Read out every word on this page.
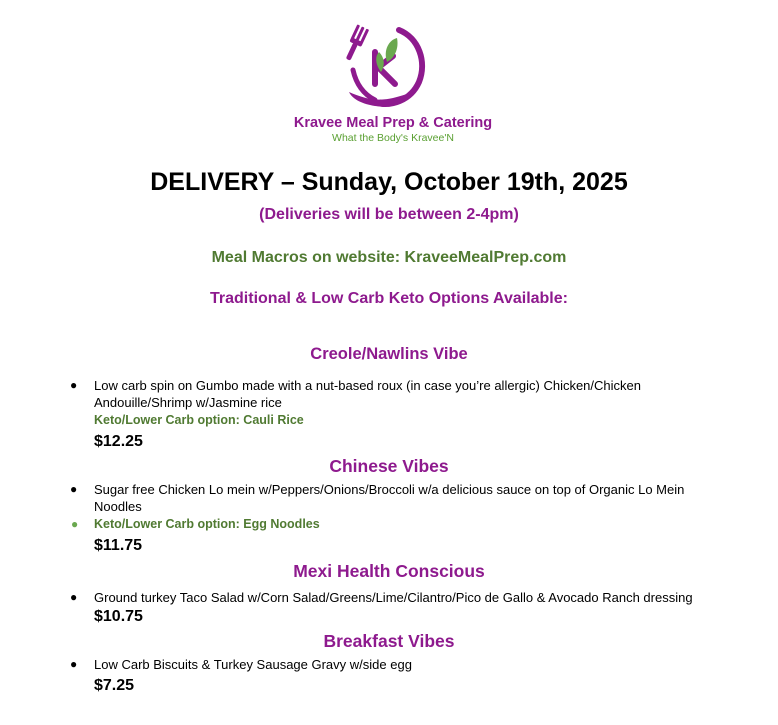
Kravee Meal Prep & Catering
What the Body's Kravee'N
DELIVERY – Sunday, October 19th, 2025
(Deliveries will be between 2-4pm)
Meal Macros on website: KraveeMealPrep.com
Traditional & Low Carb Keto Options Available:
Creole/Nawlins Vibe
●	Low carb spin on Gumbo made with a nut-based roux (in case you’re allergic) Chicken/Chicken
Andouille/Shrimp w/Jasmine rice
Keto/Lower Carb option: Cauli Rice
$12.25
Chinese Vibes
●	Sugar free Chicken Lo mein w/Peppers/Onions/Broccoli w/a delicious sauce on top of Organic Lo Mein
Noodles
● Keto/Lower Carb option: Egg Noodles
$11.75
Mexi Health Conscious
●	Ground turkey Taco Salad w/Corn Salad/Greens/Lime/Cilantro/Pico de Gallo & Avocado Ranch dressing
$10.75
Breakfast Vibes
●	Low Carb Biscuits & Turkey Sausage Gravy w/side egg
$7.25
